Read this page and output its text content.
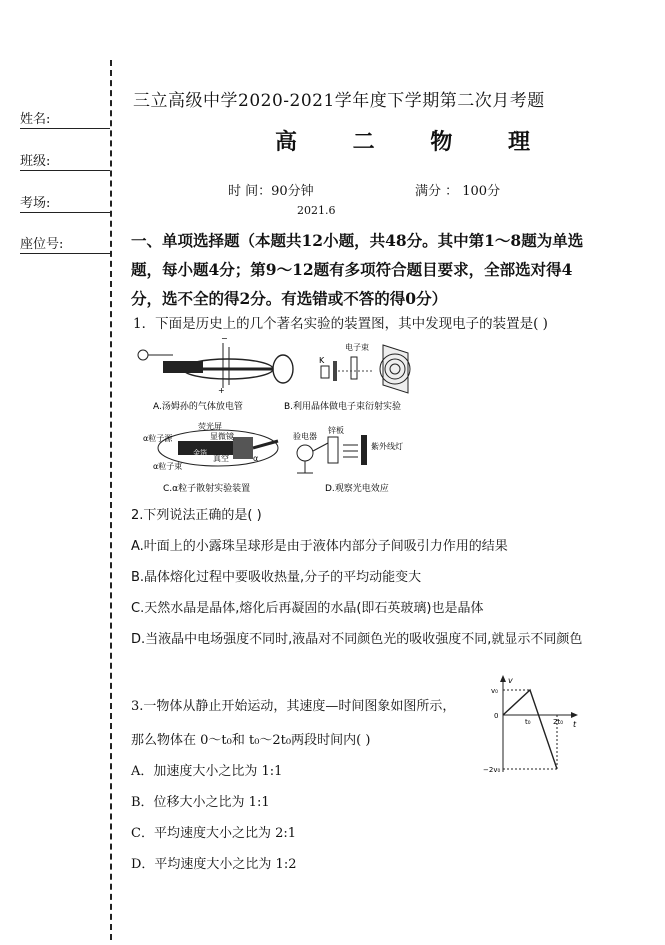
姓名:
班级:
考场:
座位号:
三立高级中学2020-2021学年度下学期第二次月考题
高 二 物 理
时 间：90分钟	满分 ： 100分
2021.6
一、单项选择题（本题共12小题，共48分。其中第1～8题为单选题，每小题4分；第9～12题有多项符合题目要求，全部选对得4分，选不全的得2分。有选错或不答的得0分）
1．下面是历史上的几个著名实验的装置图，其中发现电子的装置是( )
−
+
A.汤姆孙的气体放电管
K
电子束
B.利用晶体做电子束衍射实验
荧光屏
显微镜
α粒子源
金箔
真空
α粒子束
α
C.α粒子散射实验装置
验电器
锌板
紫外线灯
D.观察光电效应
2.下列说法正确的是( )
A.叶面上的小露珠呈球形是由于液体内部分子间吸引力作用的结果
B.晶体熔化过程中要吸收热量,分子的平均动能变大
C.天然水晶是晶体,熔化后再凝固的水晶(即石英玻璃)也是晶体
D.当液晶中电场强度不同时,液晶对不同颜色光的吸收强度不同,就显示不同颜色
3.一物体从静止开始运动，其速度—时间图象如图所示，那么物体在 0～t₀和 t₀～2t₀两段时间内( )
A．加速度大小之比为 1:1
B．位移大小之比为 1:1
C．平均速度大小之比为 2:1
D．平均速度大小之比为 1:2
v
t
v₀
0
t₀	2t₀
−2v₀
